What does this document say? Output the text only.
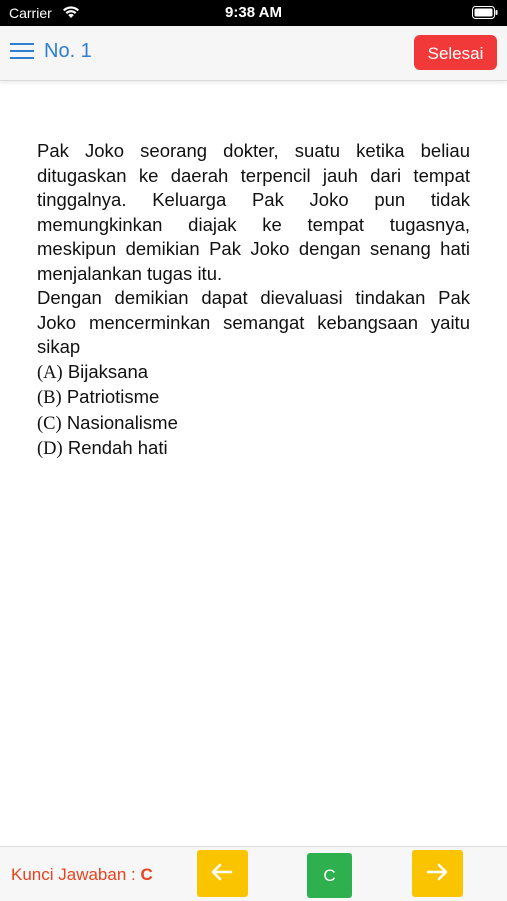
Carrier	9:38 AM
No. 1	Selesai

Pak Joko seorang dokter, suatu ketika beliau ditugaskan ke daerah terpencil jauh dari tempat tinggalnya. Keluarga Pak Joko pun tidak memungkinkan diajak ke tempat tugasnya, meskipun demikian Pak Joko dengan senang hati menjalankan tugas itu.

Dengan demikian dapat dievaluasi tindakan Pak Joko mencerminkan semangat kebangsaan yaitu sikap

(A) Bijaksana
(B) Patriotisme
(C) Nasionalisme
(D) Rendah hati
Kunci Jawaban : C	C
